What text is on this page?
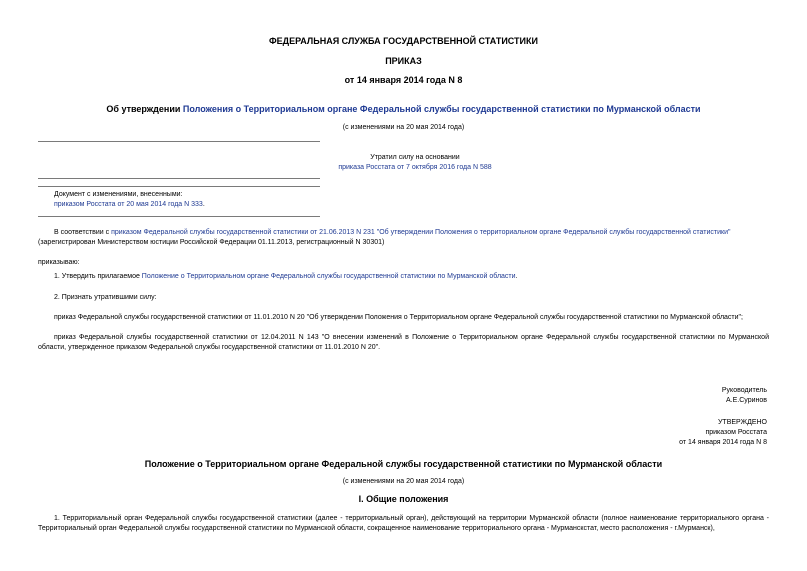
ФЕДЕРАЛЬНАЯ СЛУЖБА ГОСУДАРСТВЕННОЙ СТАТИСТИКИ
ПРИКАЗ
от 14 января 2014 года N 8
Об утверждении Положения о Территориальном органе Федеральной службы государственной статистики по Мурманской области
(с изменениями на 20 мая 2014 года)
Утратил силу на основании
приказа Росстата от 7 октября 2016 года N 588
Документ с изменениями, внесенными:
приказом Росстата от 20 мая 2014 года N 333.
В соответствии с приказом Федеральной службы государственной статистики от 21.06.2013 N 231 "Об утверждении Положения о территориальном органе Федеральной службы государственной статистики"
(зарегистрирован Министерством юстиции Российской Федерации 01.11.2013, регистрационный N 30301)
приказываю:
1. Утвердить прилагаемое Положение о Территориальном органе Федеральной службы государственной статистики по Мурманской области.
2. Признать утратившими силу:
приказ Федеральной службы государственной статистики от 11.01.2010 N 20 "Об утверждении Положения о Территориальном органе Федеральной службы государственной статистики по Мурманской области";
приказ Федеральной службы государственной статистики от 12.04.2011 N 143 "О внесении изменений в Положение о Территориальном органе Федеральной службы государственной статистики по Мурманской области, утвержденное приказом Федеральной службы государственной статистики от 11.01.2010 N 20".
Руководитель
А.Е.Суринов
УТВЕРЖДЕНО
приказом Росстата
от 14 января 2014 года N 8
Положение о Территориальном органе Федеральной службы государственной статистики по Мурманской области
(с изменениями на 20 мая 2014 года)
I. Общие положения
1. Территориальный орган Федеральной службы государственной статистики (далее - территориальный орган), действующий на территории Мурманской области (полное наименование территориального органа - Территориальный орган Федеральной службы государственной статистики по Мурманской области, сокращенное наименование территориального органа - Мурманскстат, место расположения - г.Мурманск),
